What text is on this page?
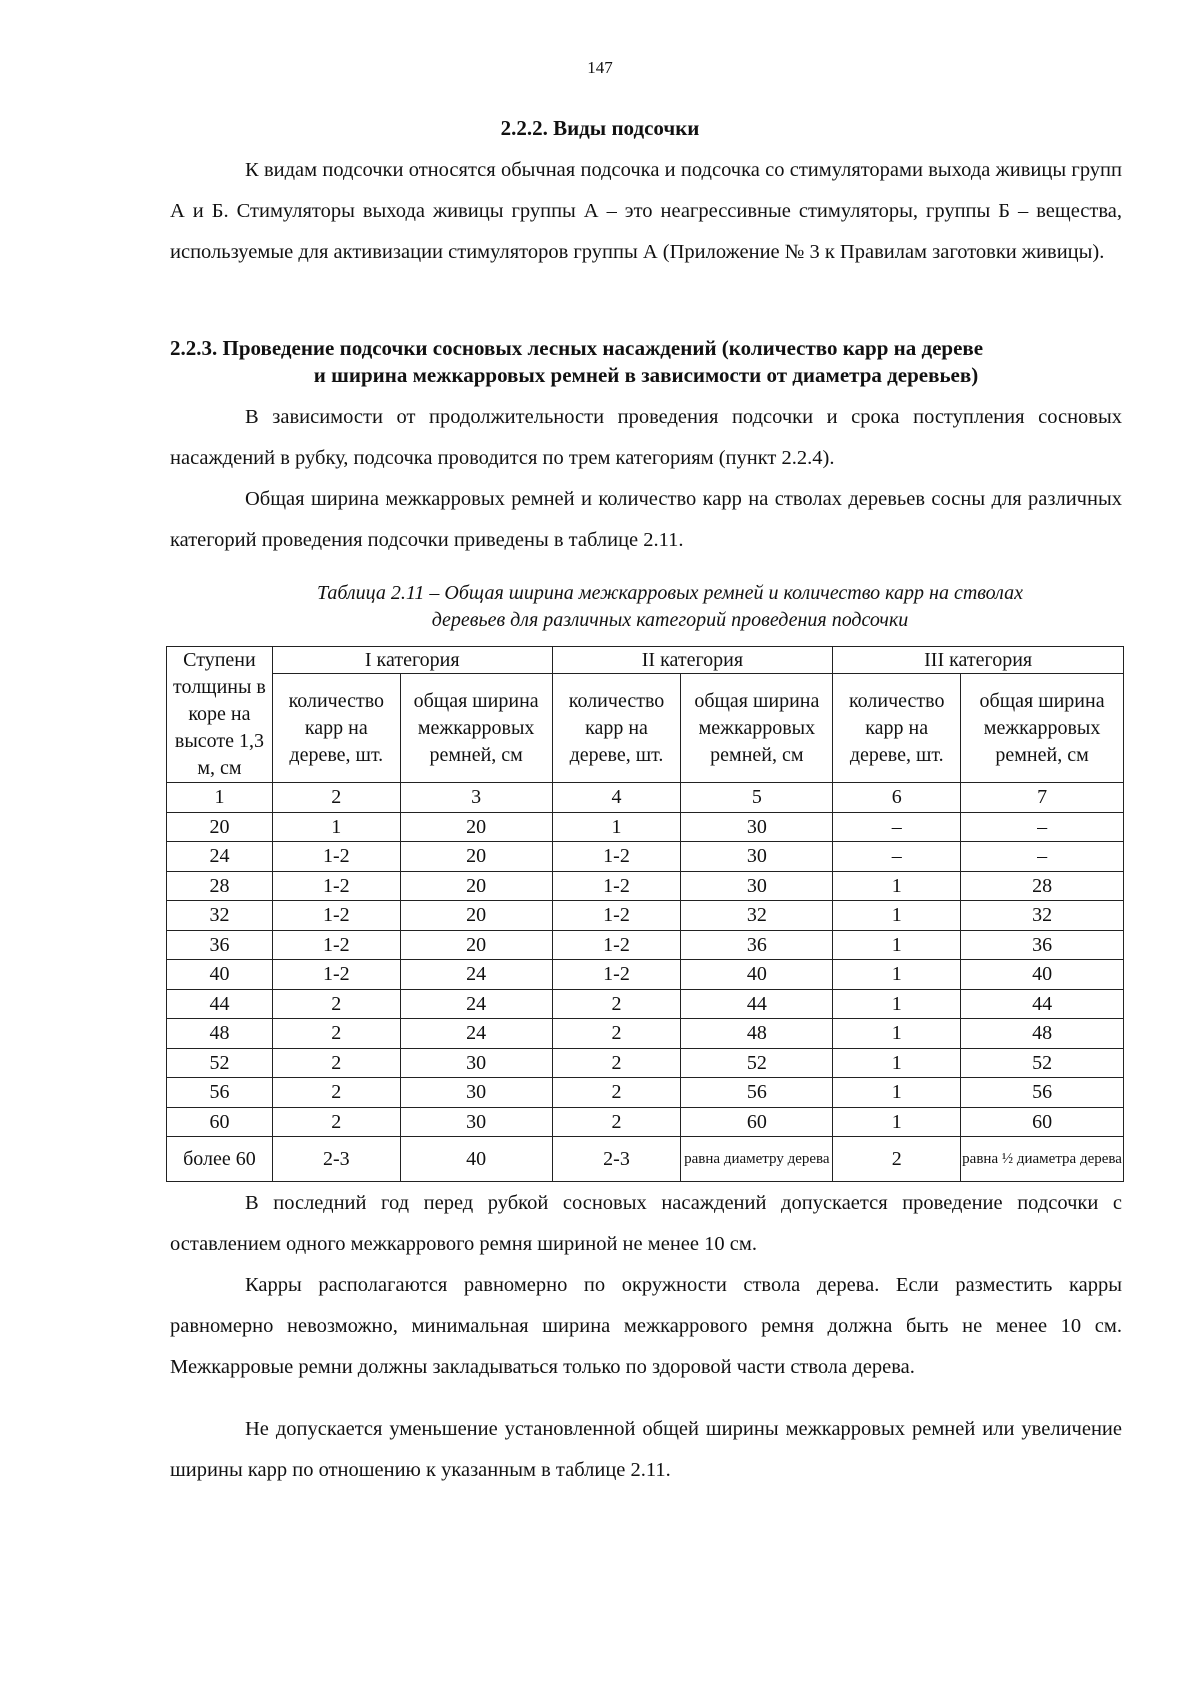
147
2.2.2. Виды подсочки

К видам подсочки относятся обычная подсочка и подсочка со стимуляторами выхода живицы групп А и Б. Стимуляторы выхода живицы группы А – это неагрессивные стимуляторы, группы Б – вещества, используемые для активизации стимуляторов группы А (Приложение № 3 к Правилам заготовки живицы).

2.2.3. Проведение подсочки сосновых лесных насаждений (количество карр на дереве
и ширина межкарровых ремней в зависимости от диаметра деревьев)

В зависимости от продолжительности проведения подсочки и срока поступления сосновых насаждений в рубку, подсочка проводится по трем категориям (пункт 2.2.4).

Общая ширина межкарровых ремней и количество карр на стволах деревьев сосны для различных категорий проведения подсочки приведены в таблице 2.11.

Таблица 2.11 – Общая ширина межкарровых ремней и количество карр на стволах
деревьев для различных категорий проведения подсочки
Ступени толщины в коре на высоте 1,3 м, см	I категория		II категория		III категория	
	количество карр на дереве, шт.	общая ширина межкарровых ремней, см	количество карр на дереве, шт.	общая ширина межкарровых ремней, см	количество карр на дереве, шт.	общая ширина межкарровых ремней, см
1	2	3	4	5	6	7
20	1	20	1	30	–	–
24	1-2	20	1-2	30	–	–
28	1-2	20	1-2	30	1	28
32	1-2	20	1-2	32	1	32
36	1-2	20	1-2	36	1	36
40	1-2	24	1-2	40	1	40
44	2	24	2	44	1	44
48	2	24	2	48	1	48
52	2	30	2	52	1	52
56	2	30	2	56	1	56
60	2	30	2	60	1	60
более 60	2-3	40	2-3	равна диаметру дерева	2	равна ½ диаметра дерева

В последний год перед рубкой сосновых насаждений допускается проведение подсочки с оставлением одного межкаррового ремня шириной не менее 10 см.

Карры располагаются равномерно по окружности ствола дерева. Если разместить карры равномерно невозможно, минимальная ширина межкаррового ремня должна быть не менее 10 см. Межкарровые ремни должны закладываться только по здоровой части ствола дерева.

Не допускается уменьшение установленной общей ширины межкарровых ремней или увеличение ширины карр по отношению к указанным в таблице 2.11.
